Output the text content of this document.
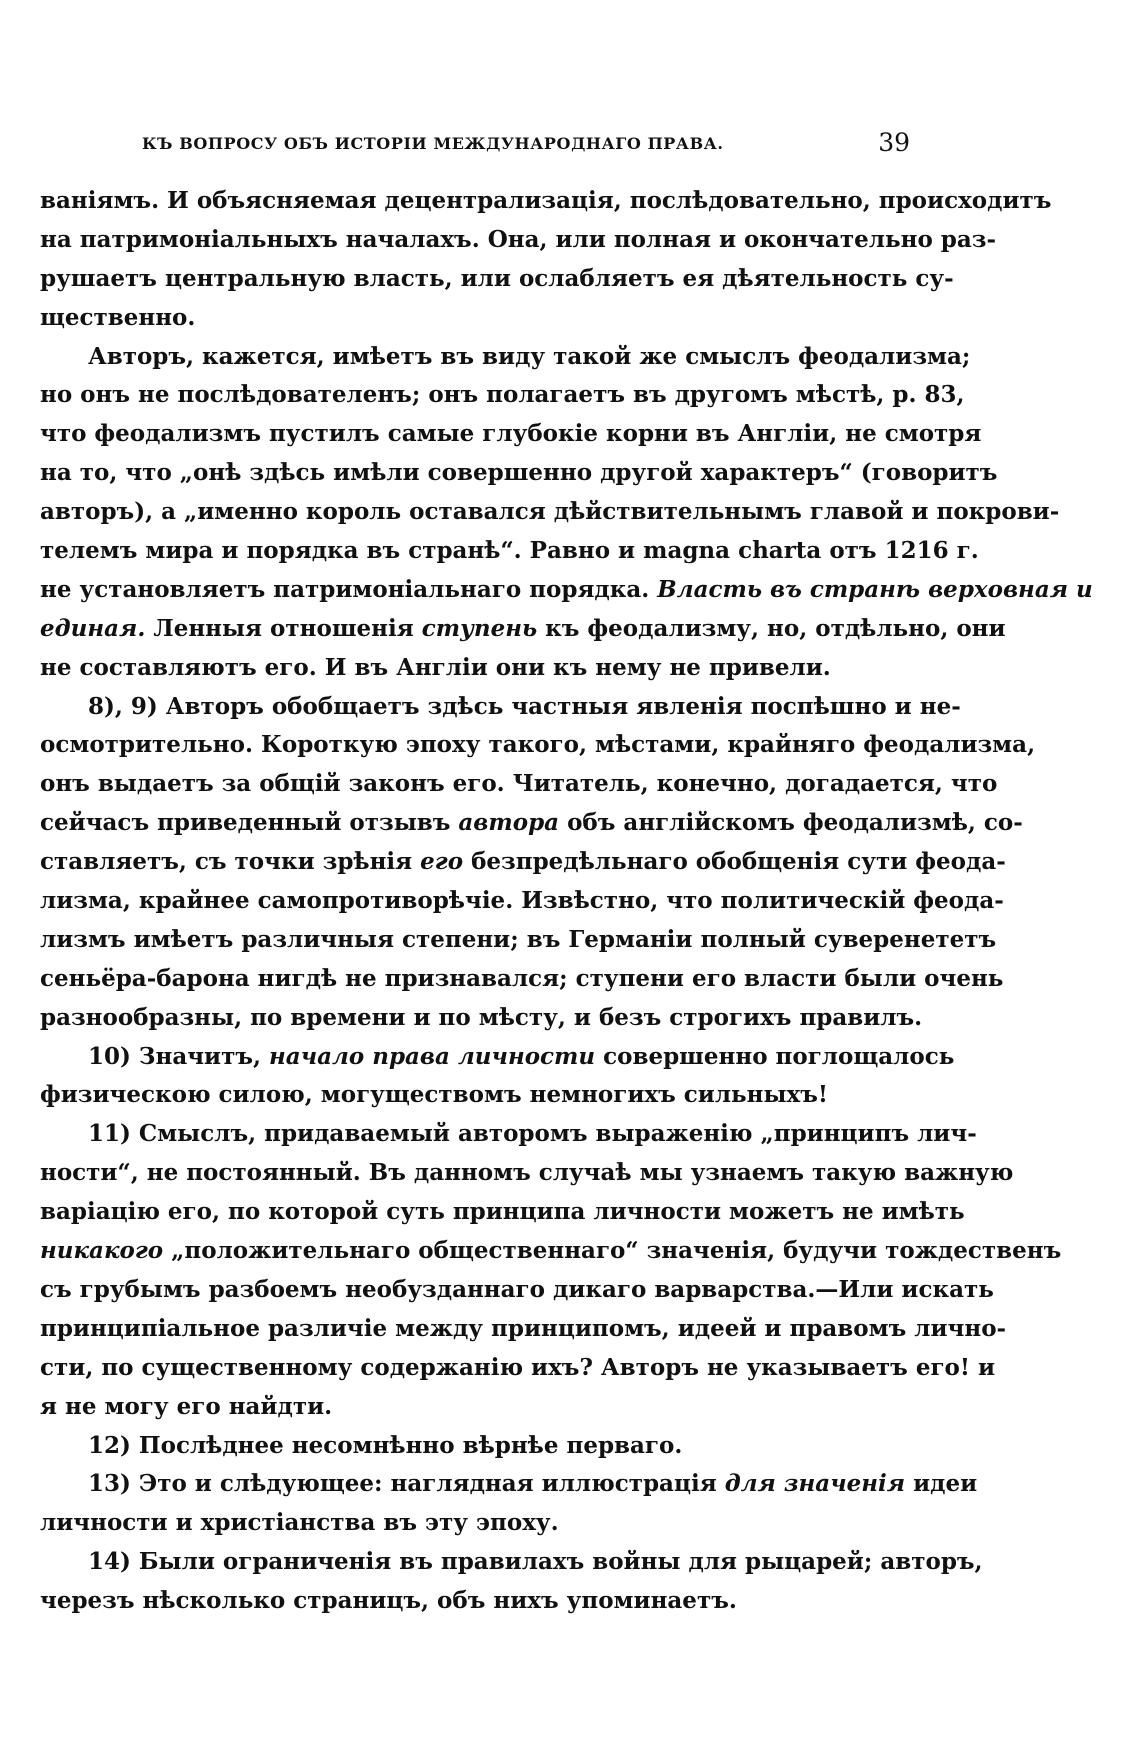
КЪ ВОПРОСУ ОБЪ ИСТОРІИ МЕЖДУНАРОДНАГО ПРАВА.	39
ваніямъ. И объясняемая децентрализація, послѣдовательно, происходитъ
на патримоніальныхъ началахъ. Она, или полная и окончательно раз-
рушаетъ центральную власть, или ослабляетъ ея дѣятельность су-
щественно.
Авторъ, кажется, имѣетъ въ виду такой же смыслъ феодализма;
но онъ не послѣдователенъ; онъ полагаетъ въ другомъ мѣстѣ, р. 83,
что феодализмъ пустилъ самые глубокіе корни въ Англіи, не смотря
на то, что „онѣ здѣсь имѣли совершенно другой характеръ“ (говоритъ
авторъ), а „именно король оставался дѣйствительнымъ главой и покрови-
телемъ мира и порядка въ странѣ“. Равно и magna charta отъ 1216 г.
не установляетъ патримоніальнаго порядка. Власть въ странѣ верховная и
единая. Ленныя отношенія ступень къ феодализму, но, отдѣльно, они
не составляютъ его. И въ Англіи они къ нему не привели.
8), 9) Авторъ обобщаетъ здѣсь частныя явленія поспѣшно и не-
осмотрительно. Короткую эпоху такого, мѣстами, крайняго феодализма,
онъ выдаетъ за общій законъ его. Читатель, конечно, догадается, что
сейчасъ приведенный отзывъ автора объ англійскомъ феодализмѣ, со-
ставляетъ, съ точки зрѣнія его безпредѣльнаго обобщенія сути феода-
лизма, крайнее самопротиворѣчіе. Извѣстно, что политическій феода-
лизмъ имѣетъ различныя степени; въ Германіи полный суверенететъ
сеньёра-барона нигдѣ не признавался; ступени его власти были очень
разнообразны, по времени и по мѣсту, и безъ строгихъ правилъ.
10) Значитъ, начало права личности совершенно поглощалось
физическою силою, могуществомъ немногихъ сильныхъ!
11) Смыслъ, придаваемый авторомъ выраженію „принципъ лич-
ности“, не постоянный. Въ данномъ случаѣ мы узнаемъ такую важную
варіацію его, по которой суть принципа личности можетъ не имѣть
никакого „положительнаго общественнаго“ значенія, будучи тождественъ
съ грубымъ разбоемъ необузданнаго дикаго варварства.—Или искать
принципіальное различіе между принципомъ, идеей и правомъ лично-
сти, по существенному содержанію ихъ? Авторъ не указываетъ его! и
я не могу его найдти.
12) Послѣднее несомнѣнно вѣрнѣе перваго.
13) Это и слѣдующее: наглядная иллюстрація для значенія идеи
личности и христіанства въ эту эпоху.
14) Были ограниченія въ правилахъ войны для рыцарей; авторъ,
черезъ нѣсколько страницъ, объ нихъ упоминаетъ.
